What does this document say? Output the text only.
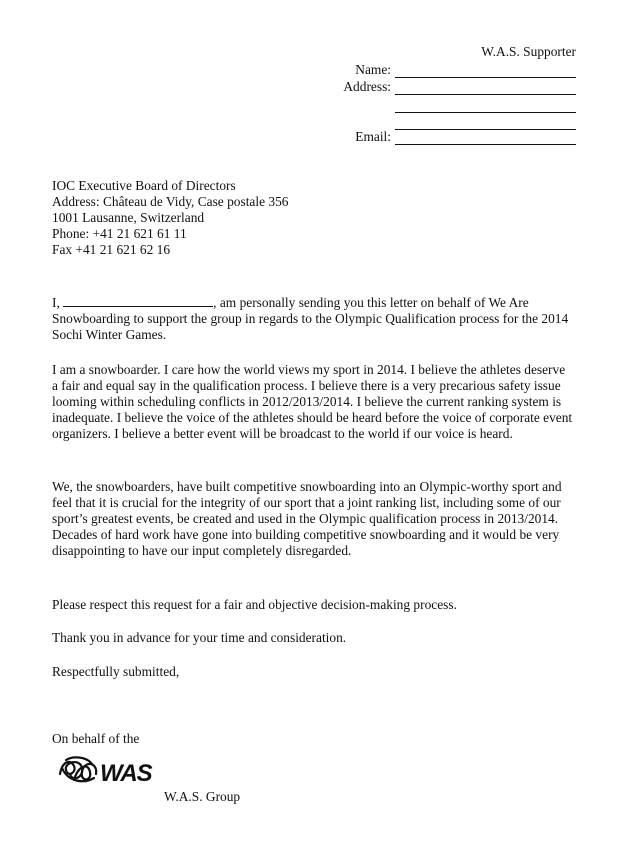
W.A.S. Supporter
Name:
Address:
Email:
IOC Executive Board of Directors
Address: Château de Vidy, Case postale 356
1001 Lausanne, Switzerland
Phone: +41 21 621 61 11
Fax +41 21 621 62 16

I,	, am personally sending you this letter on behalf of We Are Snowboarding to support the group in regards to the Olympic Qualification process for the 2014 Sochi Winter Games.

I am a snowboarder. I care how the world views my sport in 2014. I believe the athletes deserve a fair and equal say in the qualification process. I believe there is a very precarious safety issue looming within scheduling conflicts in 2012/2013/2014. I believe the current ranking system is inadequate. I believe the voice of the athletes should be heard before the voice of corporate event organizers. I believe a better event will be broadcast to the world if our voice is heard.

We, the snowboarders, have built competitive snowboarding into an Olympic-worthy sport and feel that it is crucial for the integrity of our sport that a joint ranking list, including some of our sport’s greatest events, be created and used in the Olympic qualification process in 2013/2014. Decades of hard work have gone into building competitive snowboarding and it would be very disappointing to have our input completely disregarded.

Please respect this request for a fair and objective decision-making process.

Thank you in advance for your time and consideration.

Respectfully submitted,

On behalf of the

WAS
W.A.S. Group
